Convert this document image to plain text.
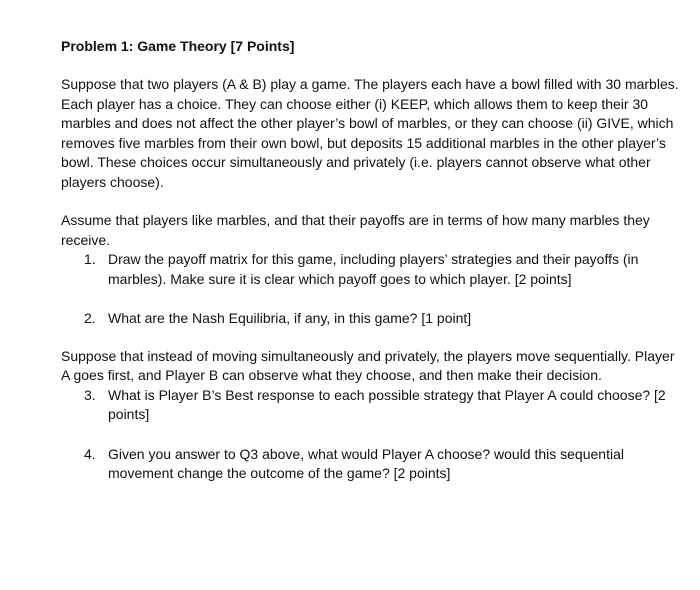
Problem 1: Game Theory [7 Points]

Suppose that two players (A & B) play a game. The players each have a bowl filled with 30 marbles. Each player has a choice. They can choose either (i) KEEP, which allows them to keep their 30 marbles and does not affect the other player’s bowl of marbles, or they can choose (ii) GIVE, which removes five marbles from their own bowl, but deposits 15 additional marbles in the other player’s bowl. These choices occur simultaneously and privately (i.e. players cannot observe what other players choose).

Assume that players like marbles, and that their payoffs are in terms of how many marbles they receive.

1. Draw the payoff matrix for this game, including players’ strategies and their payoffs (in marbles). Make sure it is clear which payoff goes to which player. [2 points]
2. What are the Nash Equilibria, if any, in this game? [1 point]

Suppose that instead of moving simultaneously and privately, the players move sequentially. Player A goes first, and Player B can observe what they choose, and then make their decision.

3. What is Player B’s Best response to each possible strategy that Player A could choose? [2 points]
4. Given you answer to Q3 above, what would Player A choose? would this sequential movement change the outcome of the game? [2 points]
